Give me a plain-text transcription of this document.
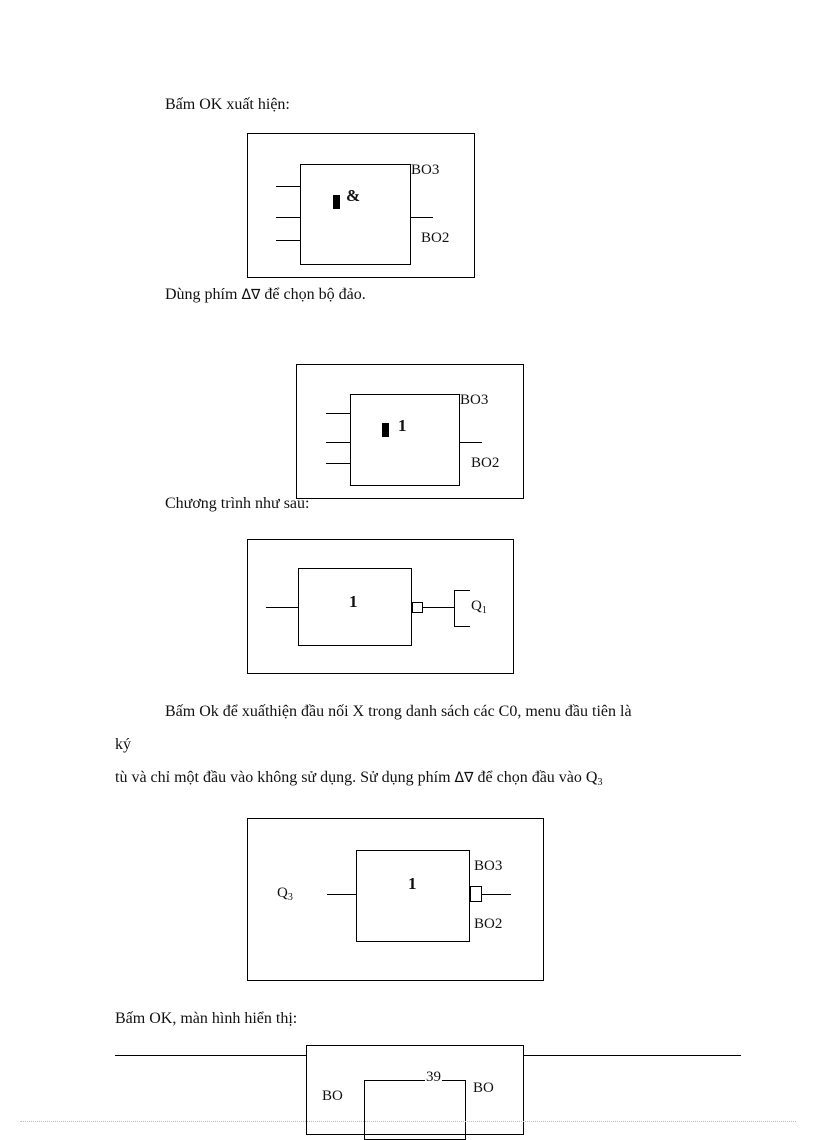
Bấm OK xuất hiện:
&
BO3
BO2
Dùng phím Δ∇ để chọn bộ đảo.
1
BO3
BO2
Chương trình như sau:
1	$Q_1$
Bấm Ok để xuấthiện đầu nối X trong danh sách các C0, menu đầu tiên là
ký
tù và chỉ một đầu vào không sử dụng. Sử dụng phím Δ∇ để chọn đầu vào $Q_3$
1
$Q_3$
BO3
BO2
Bấm OK, màn hình hiển thị:
BO	BO
39
